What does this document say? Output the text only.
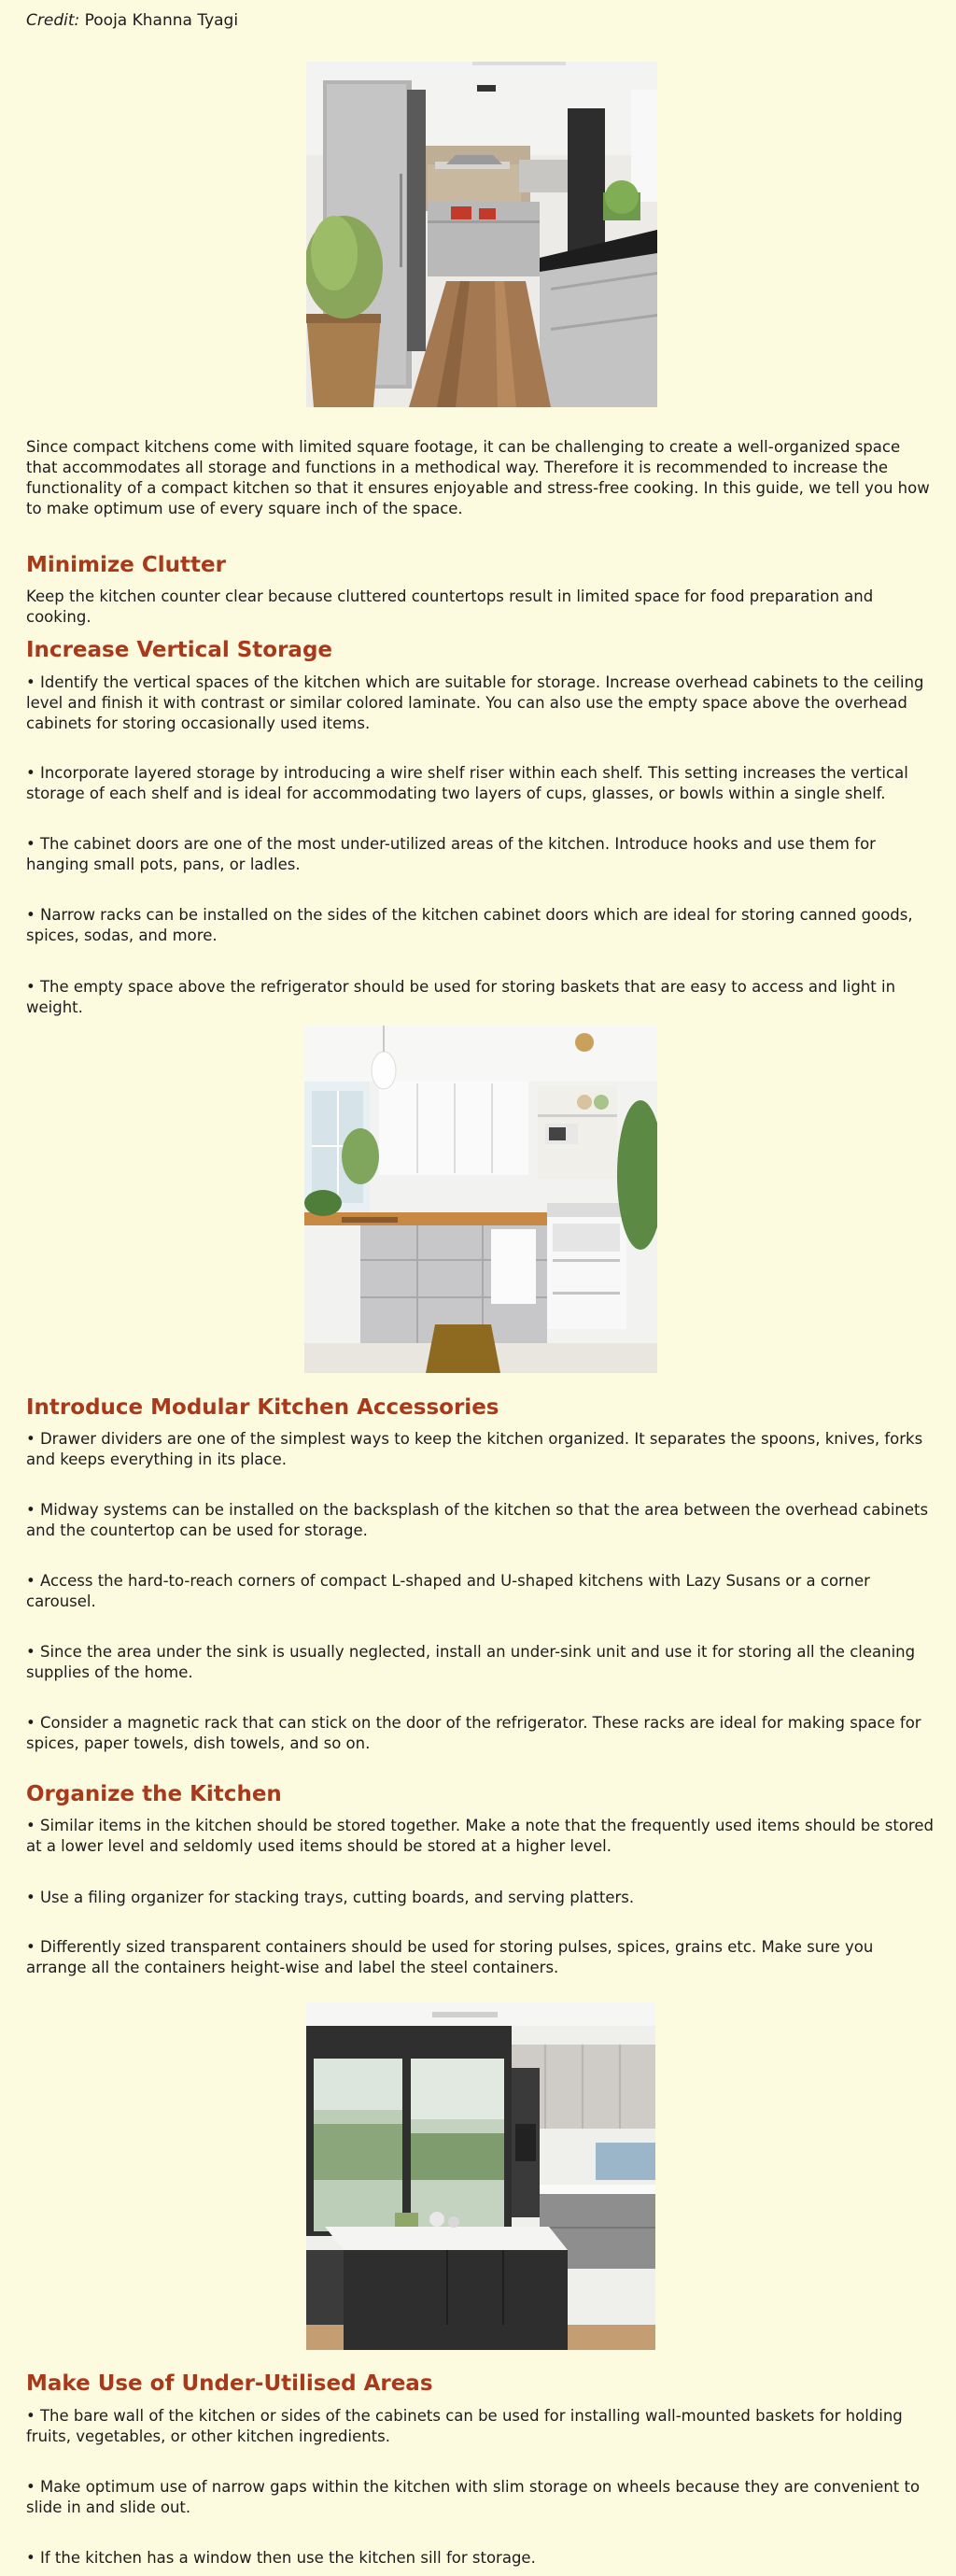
Credit: Pooja Khanna Tyagi

Since compact kitchens come with limited square footage, it can be challenging to create a well-organized space that accommodates all storage and functions in a methodical way. Therefore it is recommended to increase the functionality of a compact kitchen so that it ensures enjoyable and stress-free cooking. In this guide, we tell you how to make optimum use of every square inch of the space.

Minimize Clutter

Keep the kitchen counter clear because cluttered countertops result in limited space for food preparation and cooking.

Increase Vertical Storage

• Identify the vertical spaces of the kitchen which are suitable for storage. Increase overhead cabinets to the ceiling level and finish it with contrast or similar colored laminate. You can also use the empty space above the overhead cabinets for storing occasionally used items.

• Incorporate layered storage by introducing a wire shelf riser within each shelf. This setting increases the vertical storage of each shelf and is ideal for accommodating two layers of cups, glasses, or bowls within a single shelf.

• The cabinet doors are one of the most under-utilized areas of the kitchen. Introduce hooks and use them for hanging small pots, pans, or ladles.

• Narrow racks can be installed on the sides of the kitchen cabinet doors which are ideal for storing canned goods, spices, sodas, and more.

• The empty space above the refrigerator should be used for storing baskets that are easy to access and light in weight.

Introduce Modular Kitchen Accessories

• Drawer dividers are one of the simplest ways to keep the kitchen organized. It separates the spoons, knives, forks and keeps everything in its place.

• Midway systems can be installed on the backsplash of the kitchen so that the area between the overhead cabinets and the countertop can be used for storage.

• Access the hard-to-reach corners of compact L-shaped and U-shaped kitchens with Lazy Susans or a corner carousel.

• Since the area under the sink is usually neglected, install an under-sink unit and use it for storing all the cleaning supplies of the home.

• Consider a magnetic rack that can stick on the door of the refrigerator. These racks are ideal for making space for spices, paper towels, dish towels, and so on.

Organize the Kitchen

• Similar items in the kitchen should be stored together. Make a note that the frequently used items should be stored at a lower level and seldomly used items should be stored at a higher level.

• Use a filing organizer for stacking trays, cutting boards, and serving platters.

• Differently sized transparent containers should be used for storing pulses, spices, grains etc. Make sure you arrange all the containers height-wise and label the steel containers.

Make Use of Under-Utilised Areas

• The bare wall of the kitchen or sides of the cabinets can be used for installing wall-mounted baskets for holding fruits, vegetables, or other kitchen ingredients.

• Make optimum use of narrow gaps within the kitchen with slim storage on wheels because they are convenient to slide in and slide out.

• If the kitchen has a window then use the kitchen sill for storage.
